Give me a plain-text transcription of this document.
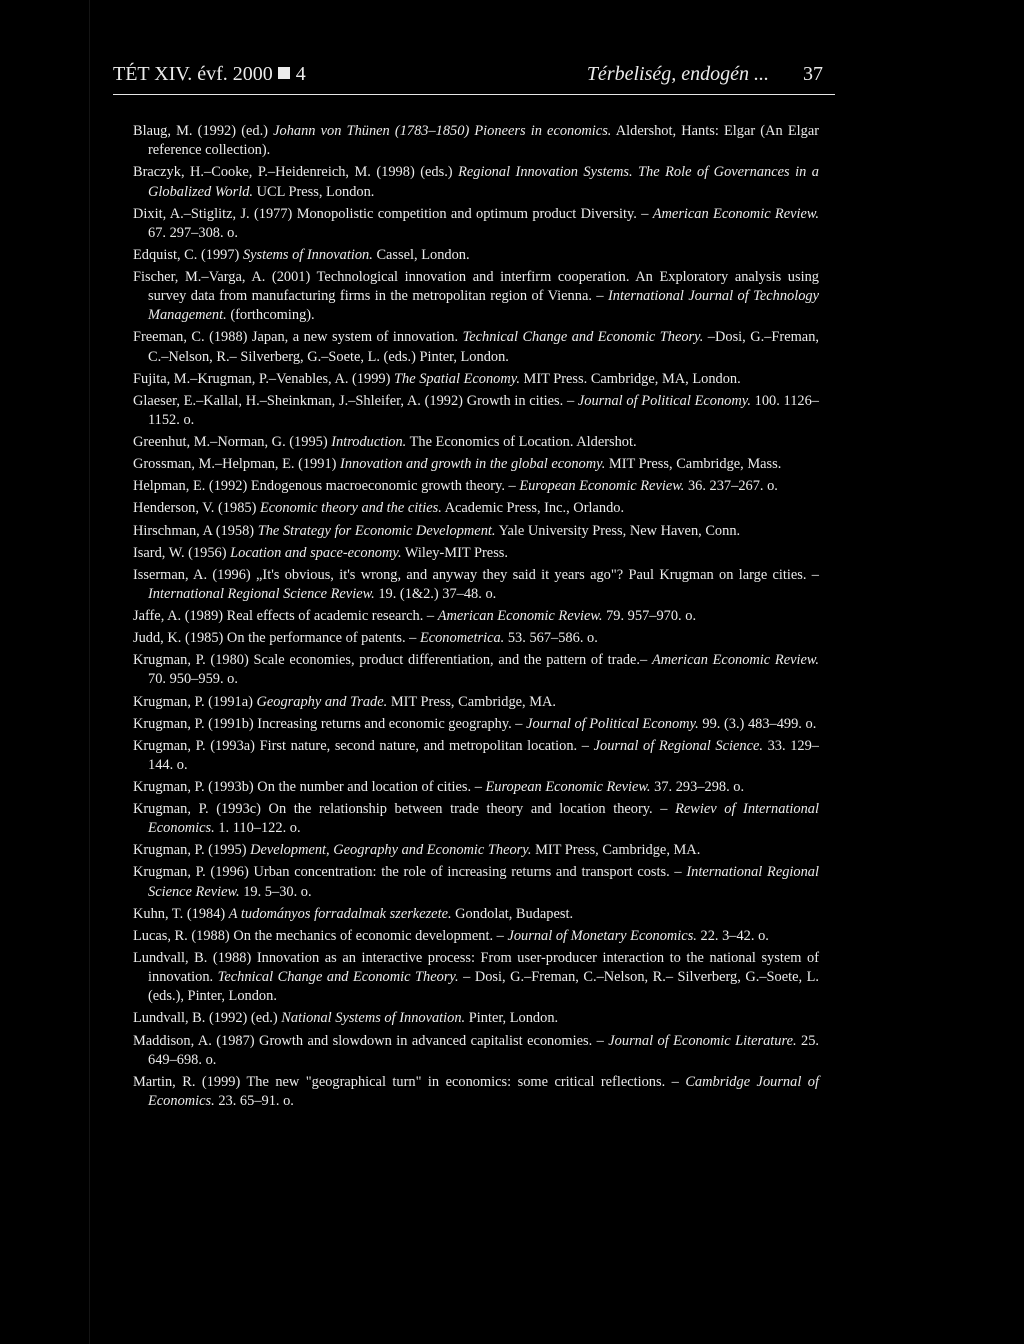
TÉT XIV. évf. 2000 4	Térbeliség, endogén ... 37

Blaug, M. (1992) (ed.) Johann von Thünen (1783–1850) Pioneers in economics. Aldershot, Hants: Elgar (An Elgar reference collection).

Braczyk, H.–Cooke, P.–Heidenreich, M. (1998) (eds.) Regional Innovation Systems. The Role of Governances in a Globalized World. UCL Press, London.

Dixit, A.–Stiglitz, J. (1977) Monopolistic competition and optimum product Diversity. – American Economic Review. 67. 297–308. o.

Edquist, C. (1997) Systems of Innovation. Cassel, London.

Fischer, M.–Varga, A. (2001) Technological innovation and interfirm cooperation. An Exploratory analysis using survey data from manufacturing firms in the metropolitan region of Vienna. – International Journal of Technology Management. (forthcoming).

Freeman, C. (1988) Japan, a new system of innovation. Technical Change and Economic Theory. –Dosi, G.–Freman, C.–Nelson, R.– Silverberg, G.–Soete, L. (eds.) Pinter, London.

Fujita, M.–Krugman, P.–Venables, A. (1999) The Spatial Economy. MIT Press. Cambridge, MA, London.

Glaeser, E.–Kallal, H.–Sheinkman, J.–Shleifer, A. (1992) Growth in cities. – Journal of Political Economy. 100. 1126–1152. o.

Greenhut, M.–Norman, G. (1995) Introduction. The Economics of Location. Aldershot.

Grossman, M.–Helpman, E. (1991) Innovation and growth in the global economy. MIT Press, Cambridge, Mass.

Helpman, E. (1992) Endogenous macroeconomic growth theory. – European Economic Review. 36. 237–267. o.

Henderson, V. (1985) Economic theory and the cities. Academic Press, Inc., Orlando.

Hirschman, A (1958) The Strategy for Economic Development. Yale University Press, New Haven, Conn.

Isard, W. (1956) Location and space-economy. Wiley-MIT Press.

Isserman, A. (1996) „It's obvious, it's wrong, and anyway they said it years ago"? Paul Krugman on large cities. – International Regional Science Review. 19. (1&2.) 37–48. o.

Jaffe, A. (1989) Real effects of academic research. – American Economic Review. 79. 957–970. o.

Judd, K. (1985) On the performance of patents. – Econometrica. 53. 567–586. o.

Krugman, P. (1980) Scale economies, product differentiation, and the pattern of trade.– American Economic Review. 70. 950–959. o.

Krugman, P. (1991a) Geography and Trade. MIT Press, Cambridge, MA.

Krugman, P. (1991b) Increasing returns and economic geography. – Journal of Political Economy. 99. (3.) 483–499. o.

Krugman, P. (1993a) First nature, second nature, and metropolitan location. – Journal of Regional Science. 33. 129–144. o.

Krugman, P. (1993b) On the number and location of cities. – European Economic Review. 37. 293–298. o.

Krugman, P. (1993c) On the relationship between trade theory and location theory. – Rewiev of International Economics. 1. 110–122. o.

Krugman, P. (1995) Development, Geography and Economic Theory. MIT Press, Cambridge, MA.

Krugman, P. (1996) Urban concentration: the role of increasing returns and transport costs. – International Regional Science Review. 19. 5–30. o.

Kuhn, T. (1984) A tudományos forradalmak szerkezete. Gondolat, Budapest.

Lucas, R. (1988) On the mechanics of economic development. – Journal of Monetary Economics. 22. 3–42. o.

Lundvall, B. (1988) Innovation as an interactive process: From user-producer interaction to the national system of innovation. Technical Change and Economic Theory. – Dosi, G.–Freman, C.–Nelson, R.– Silverberg, G.–Soete, L. (eds.), Pinter, London.

Lundvall, B. (1992) (ed.) National Systems of Innovation. Pinter, London.

Maddison, A. (1987) Growth and slowdown in advanced capitalist economies. – Journal of Economic Literature. 25. 649–698. o.

Martin, R. (1999) The new "geographical turn" in economics: some critical reflections. – Cambridge Journal of Economics. 23. 65–91. o.
